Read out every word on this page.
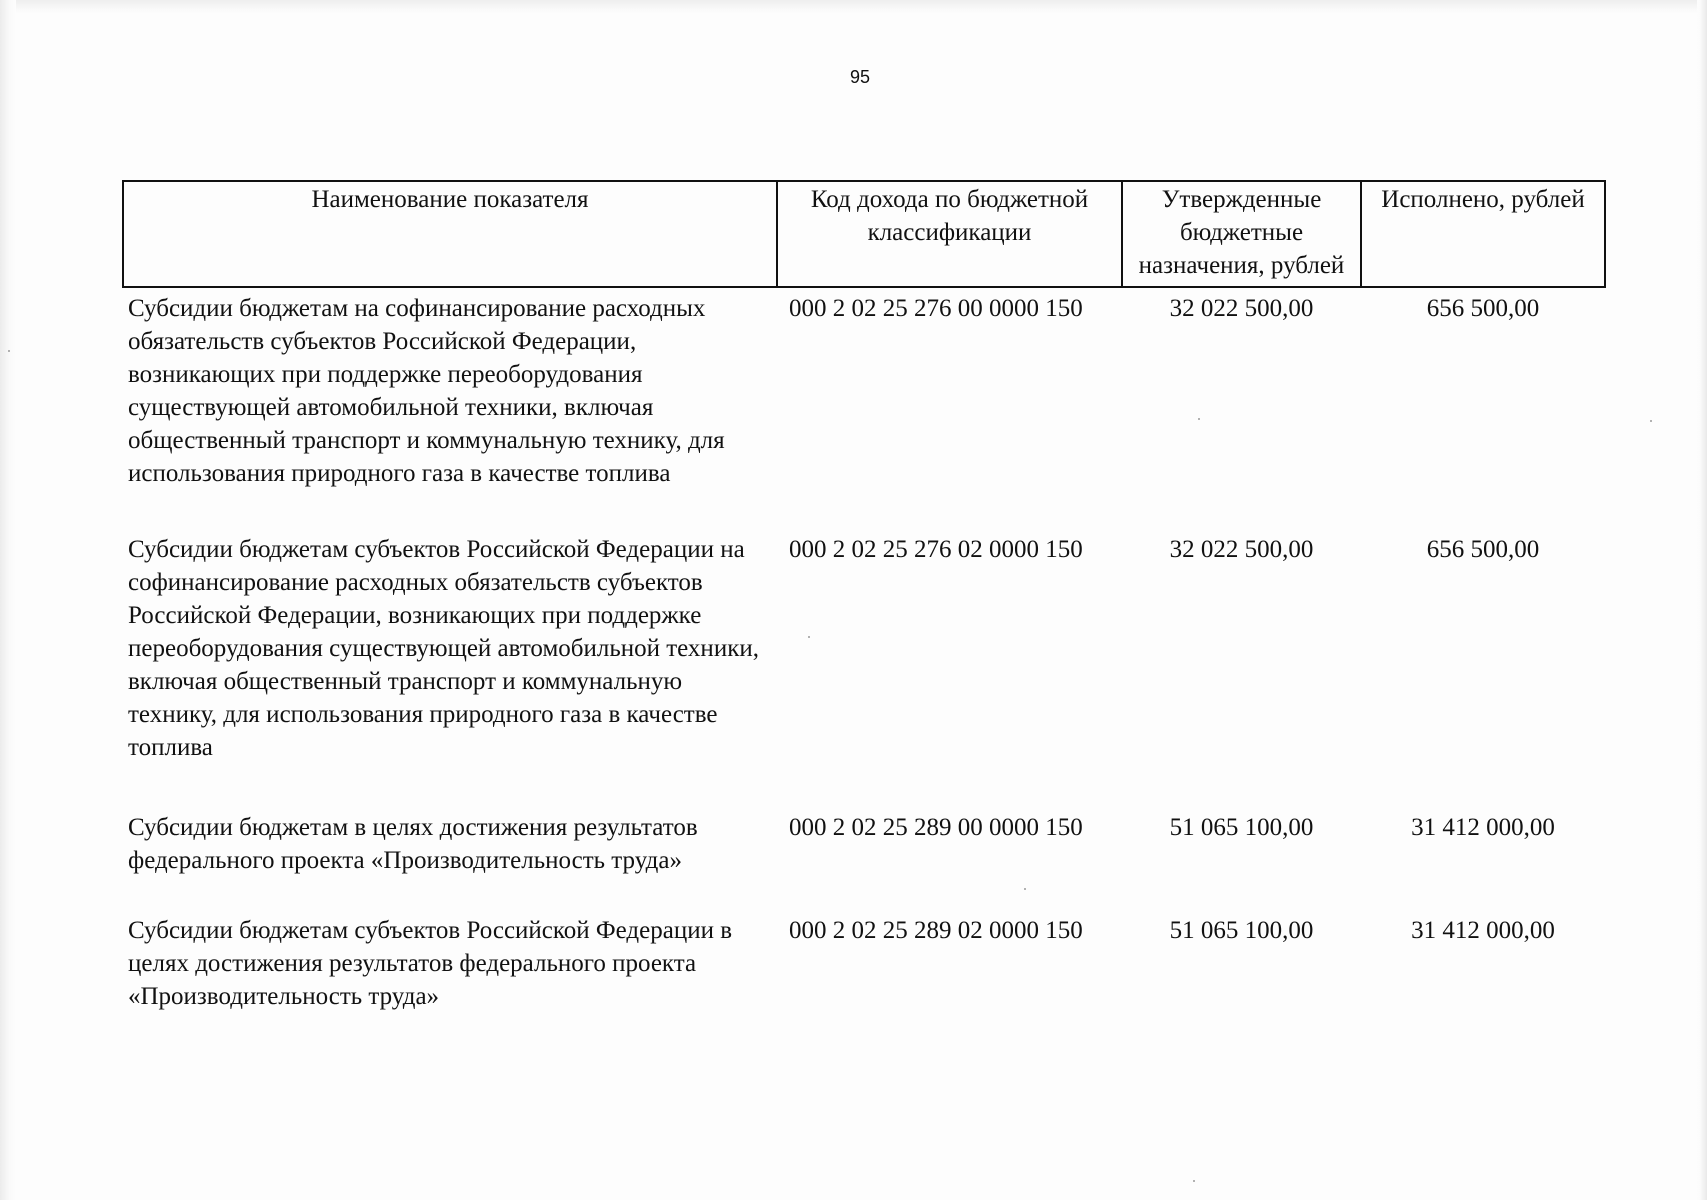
95
Наименование показателя	Код дохода по бюджетной классификации	Утвержденные бюджетные назначения, рублей	Исполнено, рублей
Субсидии бюджетам на софинансирование расходных обязательств субъектов Российской Федерации, возникающих при поддержке переоборудования существующей автомобильной техники, включая общественный транспорт и коммунальную технику, для использования природного газа в качестве топлива	000 2 02 25 276 00 0000 150	32 022 500,00	656 500,00
Субсидии бюджетам субъектов Российской Федерации на софинансирование расходных обязательств субъектов Российской Федерации, возникающих при поддержке переоборудования существующей автомобильной техники, включая общественный транспорт и коммунальную технику, для использования природного газа в качестве топлива	000 2 02 25 276 02 0000 150	32 022 500,00	656 500,00
Субсидии бюджетам в целях достижения результатов федерального проекта «Производительность труда»	000 2 02 25 289 00 0000 150	51 065 100,00	31 412 000,00
Субсидии бюджетам субъектов Российской Федерации в целях достижения результатов федерального проекта «Производительность труда»	000 2 02 25 289 02 0000 150	51 065 100,00	31 412 000,00
